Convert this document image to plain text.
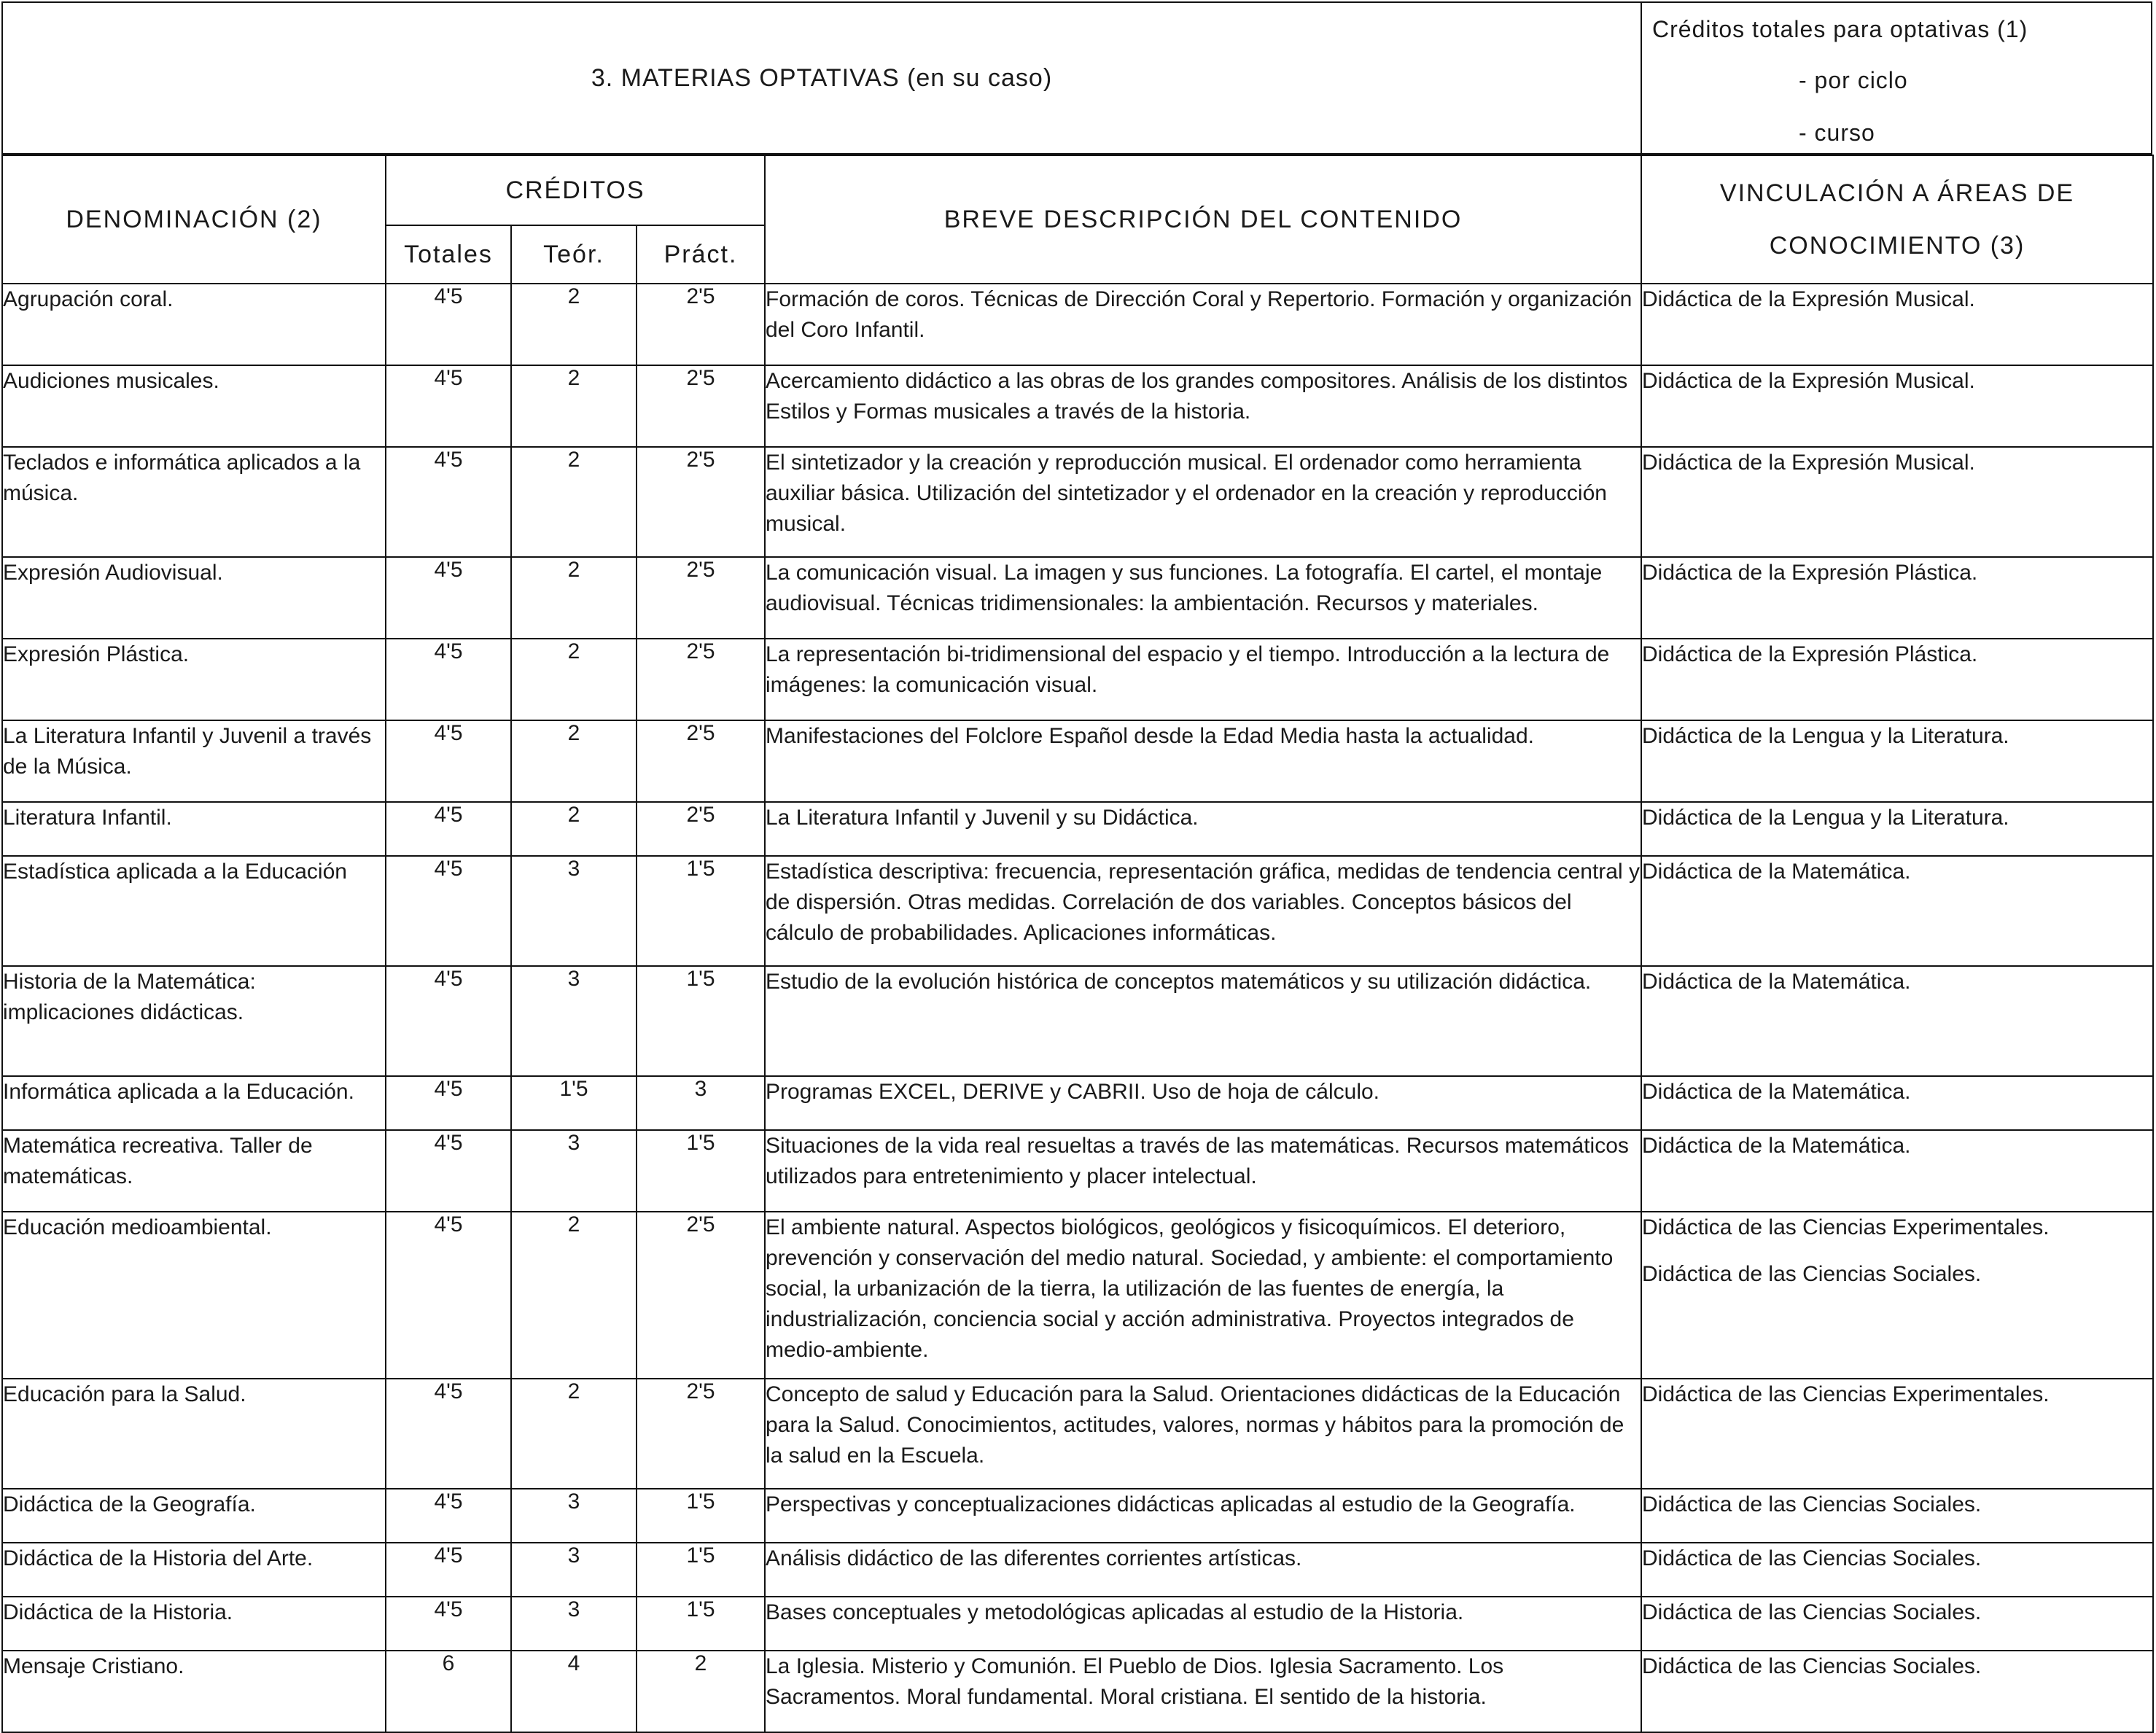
3. MATERIAS OPTATIVAS (en su caso)
Créditos totales para optativas (1)
- por ciclo
- curso
DENOMINACIÓN (2)	CRÉDITOS			BREVE DESCRIPCIÓN DEL CONTENIDO	VINCULACIÓN A ÁREAS DE
CONOCIMIENTO (3)

	Totales	Teór.	Práct.		
Agrupación coral.	4'5	2	2'5	Formación de coros. Técnicas de Dirección Coral y Repertorio. Formación y organización del Coro Infantil.	Didáctica de la Expresión Musical.

Audiciones musicales.	4'5	2	2'5	Acercamiento didáctico a las obras de los grandes compositores. Análisis de los distintos Estilos y Formas musicales a través de la historia.	Didáctica de la Expresión Musical.

Teclados e informática aplicados a la música.	4'5	2	2'5	El sintetizador y la creación y reproducción musical. El ordenador como herramienta auxiliar básica. Utilización del sintetizador y el ordenador en la creación y reproducción musical.	Didáctica de la Expresión Musical.

Expresión Audiovisual.	4'5	2	2'5	La comunicación visual. La imagen y sus funciones. La fotografía. El cartel, el montaje audiovisual. Técnicas tridimensionales: la ambientación. Recursos y materiales.	Didáctica de la Expresión Plástica.

Expresión Plástica.	4'5	2	2'5	La representación bi-tridimensional del espacio y el tiempo. Introducción a la lectura de imágenes: la comunicación visual.	Didáctica de la Expresión Plástica.

La Literatura Infantil y Juvenil a través de la Música.	4'5	2	2'5	Manifestaciones del Folclore Español desde la Edad Media hasta la actualidad.	Didáctica de la Lengua y la Literatura.

Literatura Infantil.	4'5	2	2'5	La Literatura Infantil y Juvenil y su Didáctica.	Didáctica de la Lengua y la Literatura.

Estadística aplicada a la Educación	4'5	3	1'5	Estadística descriptiva: frecuencia, representación gráfica, medidas de tendencia central y de dispersión. Otras medidas. Correlación de dos variables. Conceptos básicos del cálculo de probabilidades. Aplicaciones informáticas.	Didáctica de la Matemática.

Historia de la Matemática: implicaciones didácticas.	4'5	3	1'5	Estudio de la evolución histórica de conceptos matemáticos y su utilización didáctica.	Didáctica de la Matemática.

Informática aplicada a la Educación.	4'5	1'5	3	Programas EXCEL, DERIVE y CABRII. Uso de hoja de cálculo.	Didáctica de la Matemática.

Matemática recreativa. Taller de matemáticas.	4'5	3	1'5	Situaciones de la vida real resueltas a través de las matemáticas. Recursos matemáticos utilizados para entretenimiento y placer intelectual.	Didáctica de la Matemática.

Educación medioambiental.	4'5	2	2'5	El ambiente natural. Aspectos biológicos, geológicos y fisicoquímicos. El deterioro, prevención y conservación del medio natural. Sociedad, y ambiente: el comportamiento social, la urbanización de la tierra, la utilización de las fuentes de energía, la industrialización, conciencia social y acción administrativa. Proyectos integrados de medio-ambiente.	Didáctica de las Ciencias Experimentales.
Didáctica de las Ciencias Sociales.

Educación para la Salud.	4'5	2	2'5	Concepto de salud y Educación para la Salud. Orientaciones didácticas de la Educación para la Salud. Conocimientos, actitudes, valores, normas y hábitos para la promoción de la salud en la Escuela.	Didáctica de las Ciencias Experimentales.

Didáctica de la Geografía.	4'5	3	1'5	Perspectivas y conceptualizaciones didácticas aplicadas al estudio de la Geografía.	Didáctica de las Ciencias Sociales.

Didáctica de la Historia del Arte.	4'5	3	1'5	Análisis didáctico de las diferentes corrientes artísticas.	Didáctica de las Ciencias Sociales.

Didáctica de la Historia.	4'5	3	1'5	Bases conceptuales y metodológicas aplicadas al estudio de la Historia.	Didáctica de las Ciencias Sociales.

Mensaje Cristiano.	6	4	2	La Iglesia. Misterio y Comunión. El Pueblo de Dios. Iglesia Sacramento. Los Sacramentos. Moral fundamental. Moral cristiana. El sentido de la historia.	Didáctica de las Ciencias Sociales.
